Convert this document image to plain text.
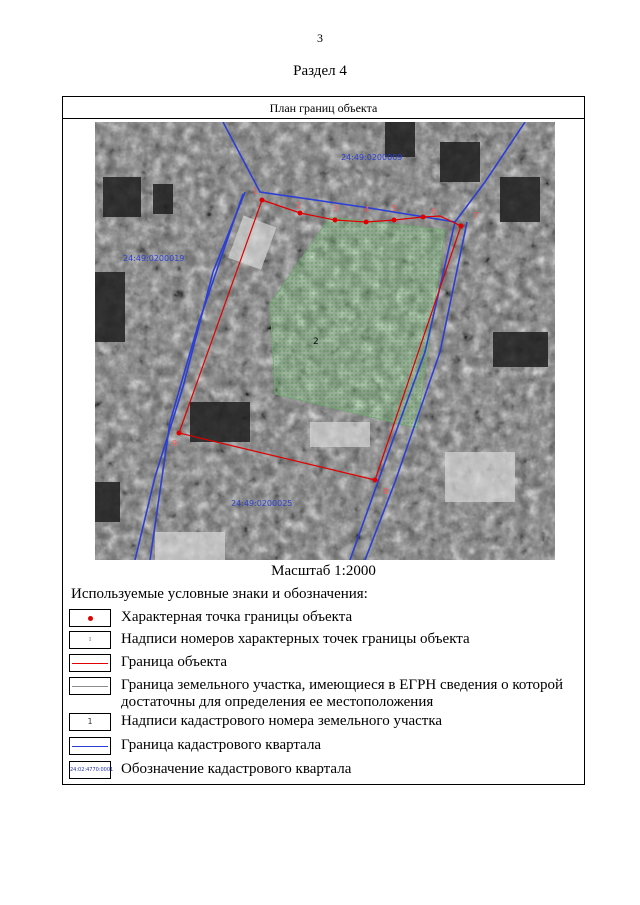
3
Раздел 4
План границ объекта
2
1
2	3	4	5	6	7
8
9
24:49:0200009
24:49:0200019
24:49:0200025
Масштаб 1:2000
Используемые условные знаки и обозначения:
Характерная точка границы объекта
1	Надписи номеров характерных точек границы объекта
Граница объекта
Граница земельного участка, имеющиеся в ЕГРН сведения о которой достаточны для определения ее местоположения
1	Надписи кадастрового номера земельного участка
Граница кадастрового квартала
24:02:4770:0001 Обозначение кадастрового квартала
